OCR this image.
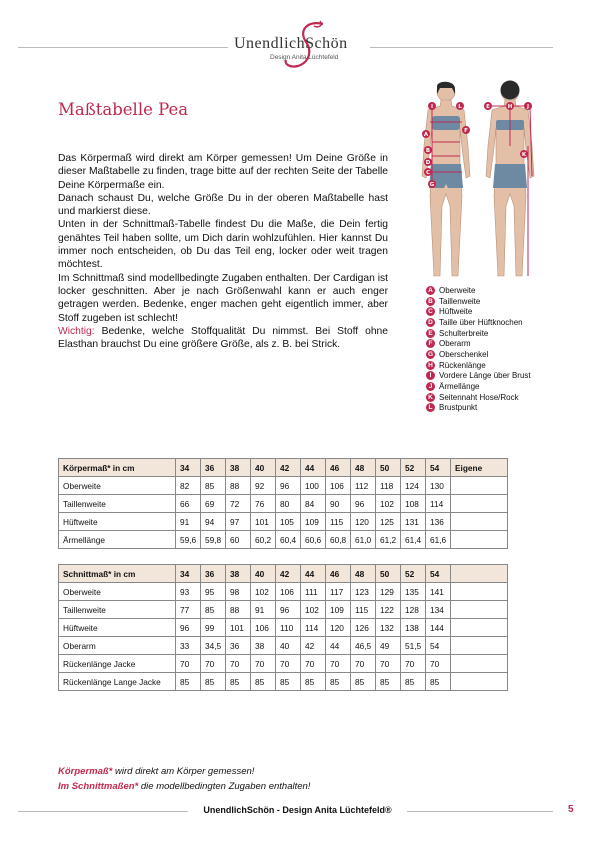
UnendlichSchön
Design Anita Lüchtefeld
Maßtabelle Pea

Das Körpermaß wird direkt am Körper gemessen! Um Deine Größe in dieser Maßtabelle zu finden, trage bitte auf der rechten Seite der Tabelle Deine Körpermaße ein.

Danach schaust Du, welche Größe Du in der oberen Maßtabelle hast und markierst diese.

Unten in der Schnittmaß-Tabelle findest Du die Maße, die Dein fertig genähtes Teil haben sollte, um Dich darin wohlzufühlen. Hier kannst Du immer noch entscheiden, ob Du das Teil eng, locker oder weit tragen möchtest.

Im Schnittmaß sind modellbedingte Zugaben enthalten. Der Cardigan ist locker geschnitten. Aber je nach Größenwahl kann er auch enger getragen werden. Bedenke, enger machen geht eigentlich immer, aber Stoff zugeben ist schlecht!

Wichtig: Bedenke, welche Stoffqualität Du nimmst. Bei Stoff ohne Elasthan brauchst Du eine größere Größe, als z. B. bei Strick.

I	L
A
F
B
D
C
G
E	H	J
K
A Oberweite
B Taillenweite
C Hüftweite
D Taille über Hüftknochen
E Schulterbreite
F Oberarm
G Oberschenkel
H Rückenlänge
I Vordere Länge über Brust
J Ärmellänge
K Seitennaht Hose/Rock
L Brustpunkt
Körpermaß* in cm	34	36	38	40	42	44	46	48	50	52	54	Eigene
Oberweite	82	85	88	92	96	100	106	112	118	124	130	
Taillenweite	66	69	72	76	80	84	90	96	102	108	114	
Hüftweite	91	94	97	101	105	109	115	120	125	131	136	
Ärmellänge	59,6	59,8	60	60,2	60,4	60,6	60,8	61,0	61,2	61,4	61,6	
Schnittmaß* in cm	34	36	38	40	42	44	46	48	50	52	54	
Oberweite	93	95	98	102	106	111	117	123	129	135	141	
Taillenweite	77	85	88	91	96	102	109	115	122	128	134	
Hüftweite	96	99	101	106	110	114	120	126	132	138	144	
Oberarm	33	34,5	36	38	40	42	44	46,5	49	51,5	54	
Rückenlänge Jacke	70	70	70	70	70	70	70	70	70	70	70	
Rückenlänge Lange Jacke	85	85	85	85	85	85	85	85	85	85	85	
Körpermaß* wird direkt am Körper gemessen!
Im Schnittmaßen* die modellbedingten Zugaben enthalten!
UnendlichSchön - Design Anita Lüchtefeld®	5
